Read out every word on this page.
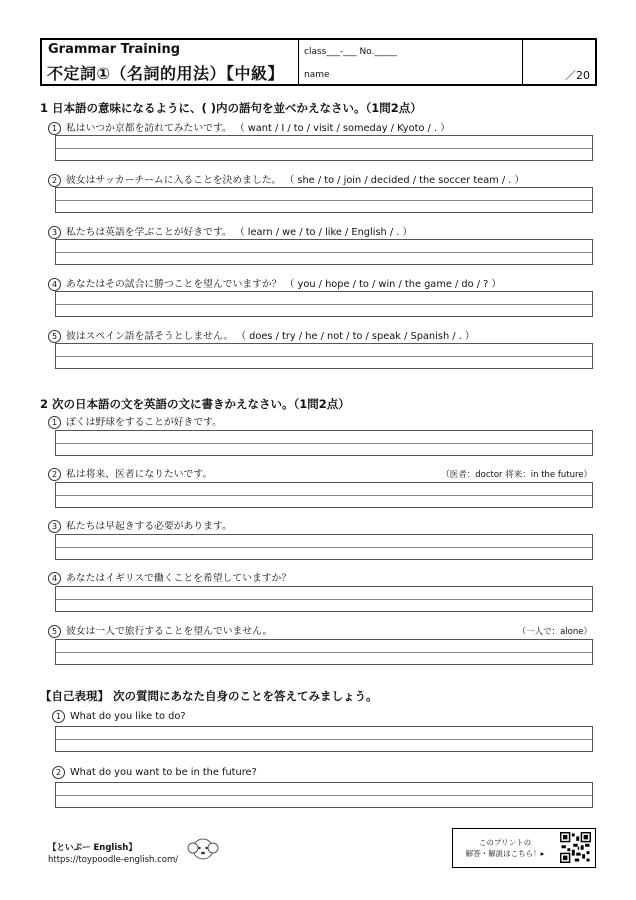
Grammar Training
不定詞①（名詞的用法）【中級】
class___-___ No._____
name	／20
1 日本語の意味になるように、( )内の語句を並べかえなさい。（1問2点）
1 私はいつか京都を訪れてみたいです。 （ want / I / to / visit / someday / Kyoto / . ）
2 彼女はサッカーチームに入ることを決めました。 （ she / to / join / decided / the soccer team / . ）
3 私たちは英語を学ぶことが好きです。 （ learn / we / to / like / English / . ）
4 あなたはその試合に勝つことを望んでいますか？ （ you / hope / to / win / the game / do / ? ）
5 彼はスペイン語を話そうとしません。 （ does / try / he / not / to / speak / Spanish / . ）
2 次の日本語の文を英語の文に書きかえなさい。（1問2点）
1 ぼくは野球をすることが好きです。
2 私は将来、医者になりたいです。	（医者：doctor 将来：in the future）
3 私たちは早起きする必要があります。
4 あなたはイギリスで働くことを希望していますか？
5 彼女は一人で旅行することを望んでいません。	（一人で：alone）
【自己表現】 次の質問にあなた自身のことを答えてみましょう。
1 What do you like to do?
2 What do you want to be in the future?
【といぷー English】
https://toypoodle-english.com/
このプリントの
解答・解説はこちら！▸
